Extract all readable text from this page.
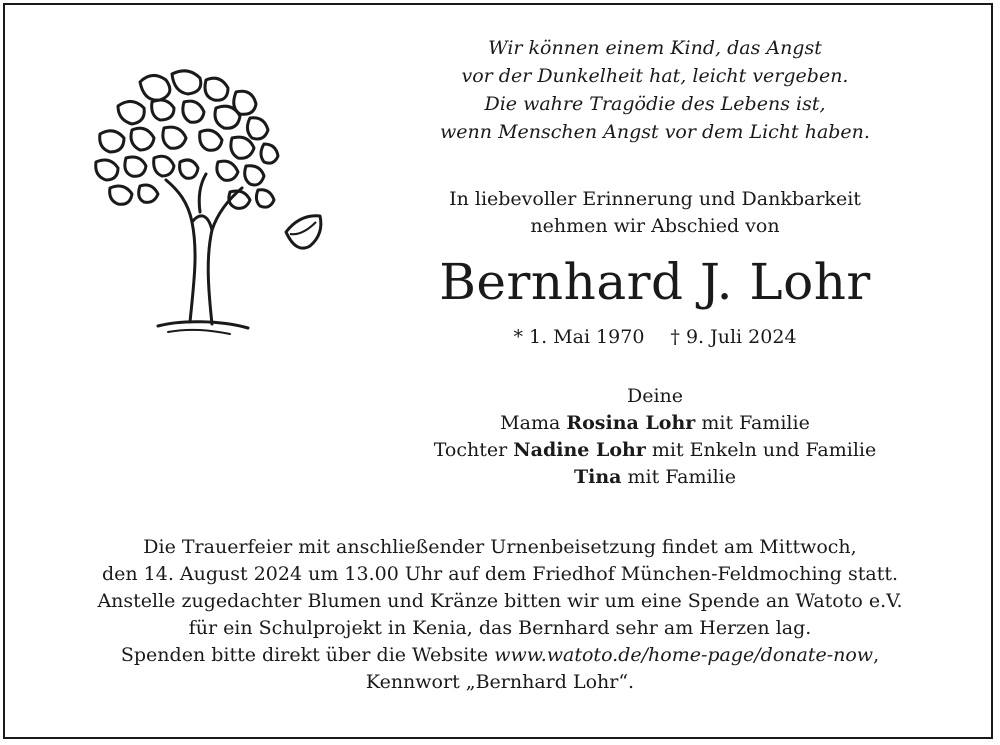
Wir können einem Kind, das Angst
vor der Dunkelheit hat, leicht vergeben.
Die wahre Tragödie des Lebens ist,
wenn Menschen Angst vor dem Licht haben.
In liebevoller Erinnerung und Dankbarkeit
nehmen wir Abschied von
Bernhard J. Lohr
* 1. Mai 1970 † 9. Juli 2024
Deine
Mama Rosina Lohr mit Familie
Tochter Nadine Lohr mit Enkeln und Familie
Tina mit Familie
Die Trauerfeier mit anschließender Urnenbeisetzung findet am Mittwoch,
den 14. August 2024 um 13.00 Uhr auf dem Friedhof München-Feldmoching statt.
Anstelle zugedachter Blumen und Kränze bitten wir um eine Spende an Watoto e.V.
für ein Schulprojekt in Kenia, das Bernhard sehr am Herzen lag.
Spenden bitte direkt über die Website www.watoto.de/home-page/donate-now,
Kennwort „Bernhard Lohr“.
